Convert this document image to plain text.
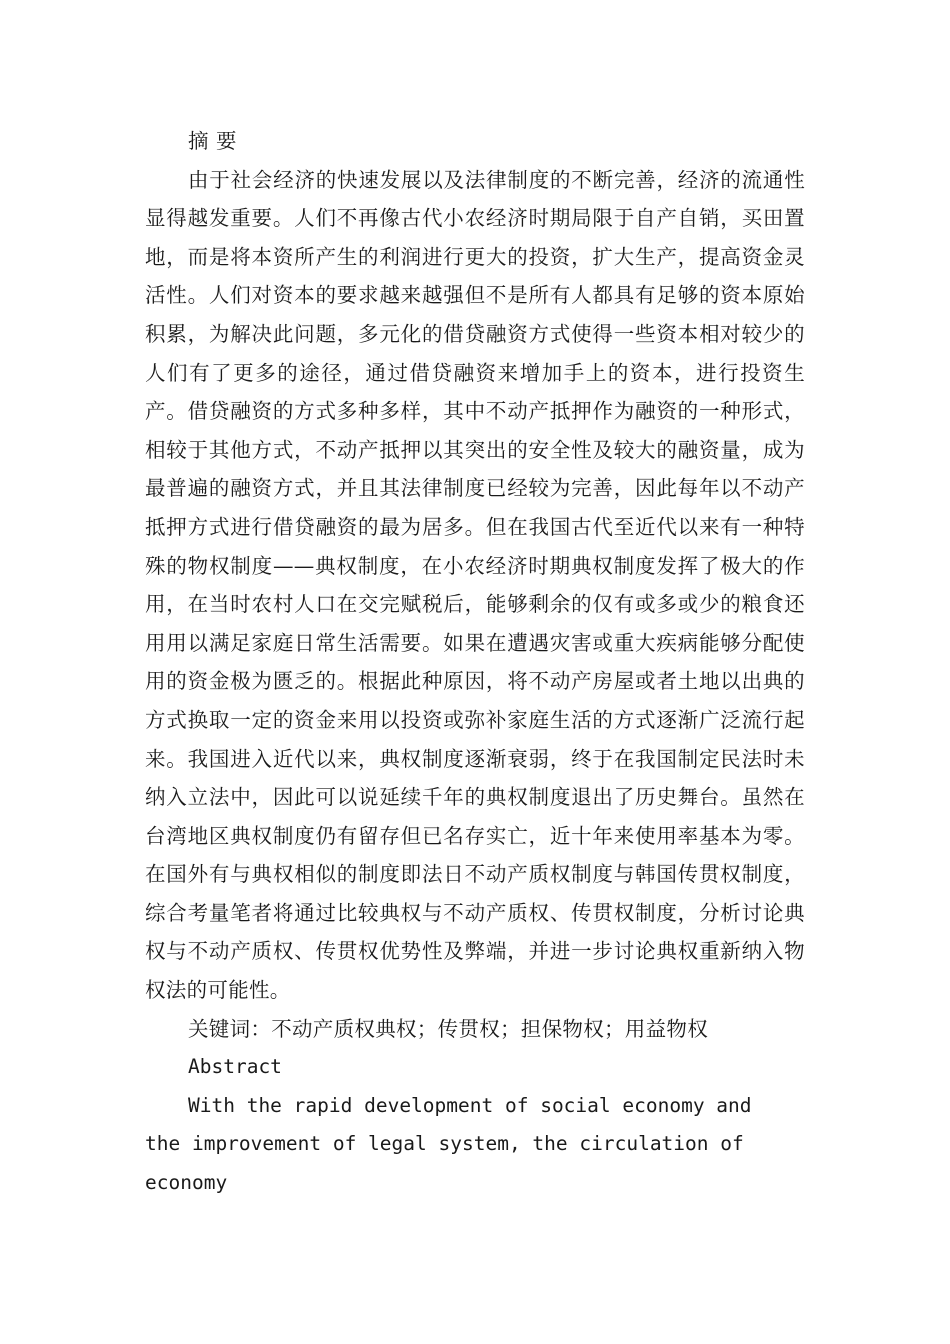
摘 要

由于社会经济的快速发展以及法律制度的不断完善，经济的流通性显得越发重要。人们不再像古代小农经济时期局限于自产自销，买田置地，而是将本资所产生的利润进行更大的投资，扩大生产，提高资金灵活性。人们对资本的要求越来越强但不是所有人都具有足够的资本原始积累，为解决此问题，多元化的借贷融资方式使得一些资本相对较少的人们有了更多的途径，通过借贷融资来增加手上的资本，进行投资生产。借贷融资的方式多种多样，其中不动产抵押作为融资的一种形式，相较于其他方式，不动产抵押以其突出的安全性及较大的融资量，成为最普遍的融资方式，并且其法律制度已经较为完善，因此每年以不动产抵押方式进行借贷融资的最为居多。但在我国古代至近代以来有一种特殊的物权制度——典权制度，在小农经济时期典权制度发挥了极大的作用，在当时农村人口在交完赋税后，能够剩余的仅有或多或少的粮食还用用以满足家庭日常生活需要。如果在遭遇灾害或重大疾病能够分配使用的资金极为匮乏的。根据此种原因，将不动产房屋或者土地以出典的方式换取一定的资金来用以投资或弥补家庭生活的方式逐渐广泛流行起来。我国进入近代以来，典权制度逐渐衰弱，终于在我国制定民法时未纳入立法中，因此可以说延续千年的典权制度退出了历史舞台。虽然在台湾地区典权制度仍有留存但已名存实亡，近十年来使用率基本为零。在国外有与典权相似的制度即法日不动产质权制度与韩国传贯权制度，综合考量笔者将通过比较典权与不动产质权、传贯权制度，分析讨论典权与不动产质权、传贯权优势性及弊端，并进一步讨论典权重新纳入物权法的可能性。

关键词：不动产质权典权；传贯权；担保物权；用益物权

Abstract

With the rapid development of social economy and the improvement of legal system, the circulation of economy
